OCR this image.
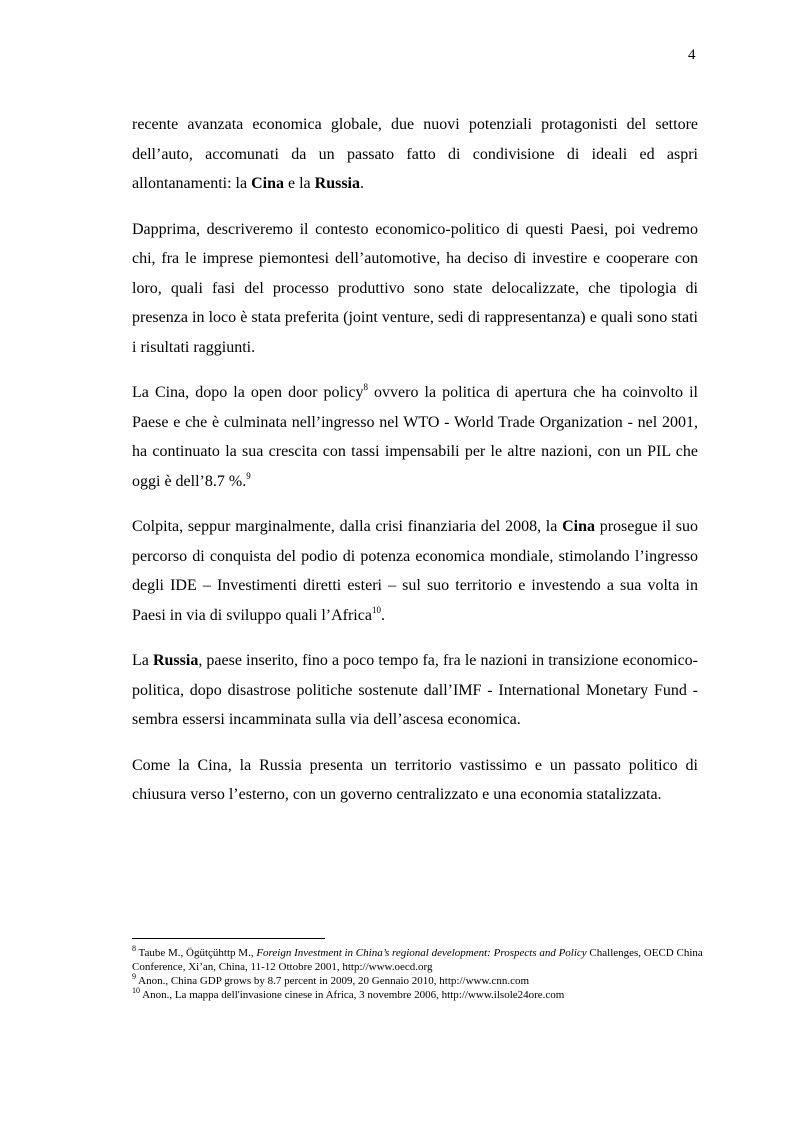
4

recente avanzata economica globale, due nuovi potenziali protagonisti del settore dell’auto, accomunati da un passato fatto di condivisione di ideali ed aspri allontanamenti: la Cina e la Russia.

Dapprima, descriveremo il contesto economico-politico di questi Paesi, poi vedremo chi, fra le imprese piemontesi dell’automotive, ha deciso di investire e cooperare con loro, quali fasi del processo produttivo sono state delocalizzate, che tipologia di presenza in loco è stata preferita (joint venture, sedi di rappresentanza) e quali sono stati i risultati raggiunti.

La Cina, dopo la open door policy$^8$ ovvero la politica di apertura che ha coinvolto il Paese e che è culminata nell’ingresso nel WTO - World Trade Organization - nel 2001, ha continuato la sua crescita con tassi impensabili per le altre nazioni, con un PIL che oggi è dell’8.7 %.$^9$

Colpita, seppur marginalmente, dalla crisi finanziaria del 2008, la Cina prosegue il suo percorso di conquista del podio di potenza economica mondiale, stimolando l’ingresso degli IDE – Investimenti diretti esteri – sul suo territorio e investendo a sua volta in Paesi in via di sviluppo quali l’Africa$^{10}$.

La Russia, paese inserito, fino a poco tempo fa, fra le nazioni in transizione economico-politica, dopo disastrose politiche sostenute dall’IMF - International Monetary Fund - sembra essersi incamminata sulla via dell’ascesa economica.

Come la Cina, la Russia presenta un territorio vastissimo e un passato politico di chiusura verso l’esterno, con un governo centralizzato e una economia statalizzata.

$^8$ Taube M., Ögütçühttp M., Foreign Investment in China’s regional development: Prospects and Policy Challenges, OECD China Conference, Xi’an, China, 11-12 Ottobre 2001, http://www.oecd.org

$^9$ Anon., China GDP grows by 8.7 percent in 2009, 20 Gennaio 2010, http://www.cnn.com

$^{10}$ Anon., La mappa dell'invasione cinese in Africa, 3 novembre 2006, http://www.ilsole24ore.com
